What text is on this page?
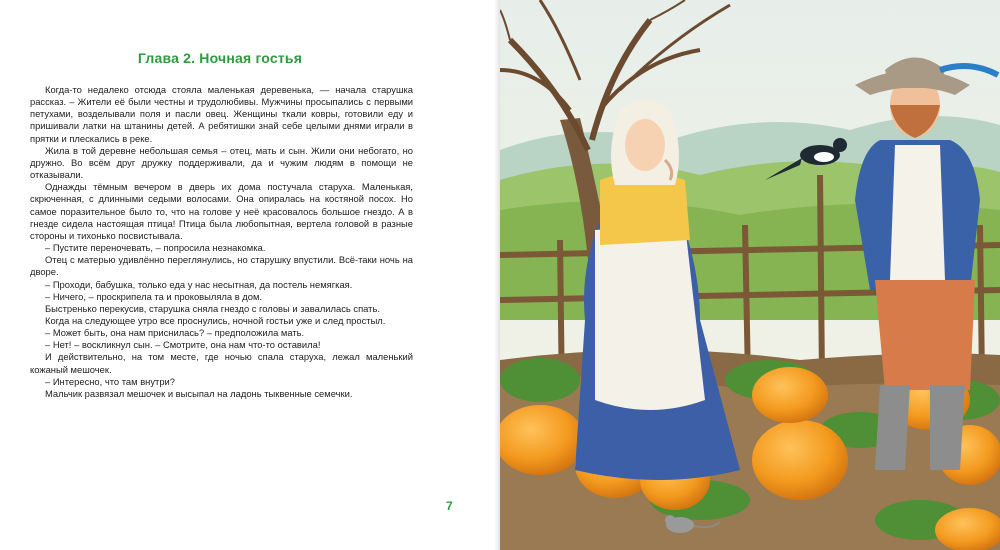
Глава 2. Ночная гостья

Когда-то недалеко отсюда стояла маленькая деревенька, — начала старушка рассказ. – Жители её были честны и трудолюбивы. Мужчины просыпались с первыми петухами, возделывали поля и пасли овец. Женщины ткали ковры, готовили еду и пришивали латки на штанины детей. А ребятишки знай себе целыми днями играли в прятки и плескались в реке.

Жила в той деревне небольшая семья – отец, мать и сын. Жили они небогато, но дружно. Во всём друг дружку поддерживали, да и чужим людям в помощи не отказывали.

Однажды тёмным вечером в дверь их дома постучала старуха. Маленькая, скрюченная, с длинными седыми волосами. Она опиралась на костяной посох. Но самое поразительное было то, что на голове у неё красовалось большое гнездо. А в гнезде сидела настоящая птица! Птица была любопытная, вертела головой в разные стороны и тихонько посвистывала.

– Пустите переночевать, – попросила незнакомка.

Отец с матерью удивлённо переглянулись, но старушку впустили. Всё-таки ночь на дворе.

– Проходи, бабушка, только еда у нас несытная, да постель немягкая.

– Ничего, – проскрипела та и проковыляла в дом.

Быстренько перекусив, старушка сняла гнездо с головы и завалилась спать.

Когда на следующее утро все проснулись, ночной гостьи уже и след простыл.

– Может быть, она нам приснилась? – предположила мать.

– Нет! – воскликнул сын. – Смотрите, она нам что-то оставила!

И действительно, на том месте, где ночью спала старуха, лежал маленький кожаный мешочек.

– Интересно, что там внутри?

Мальчик развязал мешочек и высыпал на ладонь тыквенные семечки.

7
